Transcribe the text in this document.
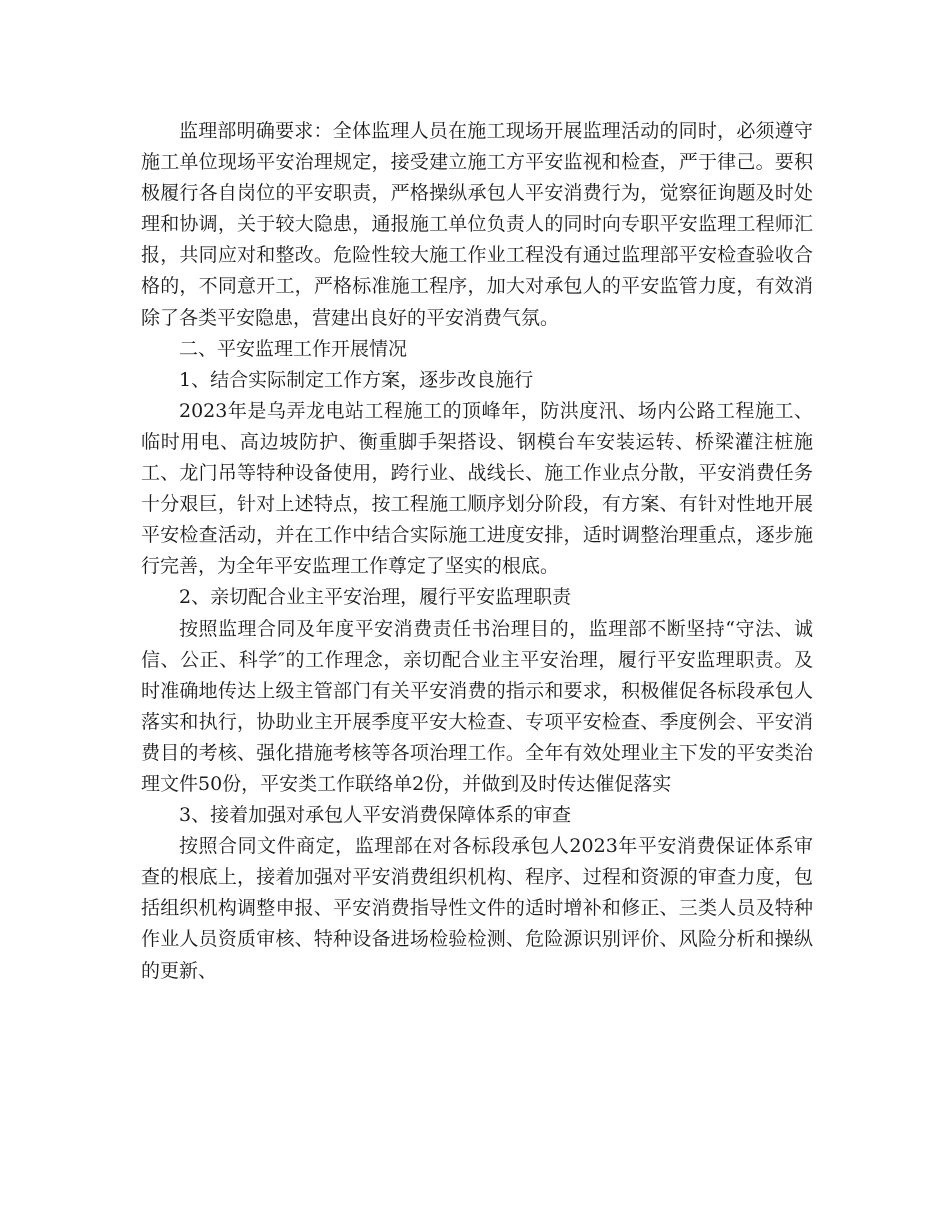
监理部明确要求：全体监理人员在施工现场开展监理活动的同时，必须遵守施工单位现场平安治理规定，接受建立施工方平安监视和检查，严于律己。要积极履行各自岗位的平安职责，严格操纵承包人平安消费行为，觉察征询题及时处理和协调，关于较大隐患，通报施工单位负责人的同时向专职平安监理工程师汇报，共同应对和整改。危险性较大施工作业工程没有通过监理部平安检查验收合格的，不同意开工，严格标准施工程序，加大对承包人的平安监管力度，有效消除了各类平安隐患，营建出良好的平安消费气氛。

二、平安监理工作开展情况

1、结合实际制定工作方案，逐步改良施行

2023年是乌弄龙电站工程施工的顶峰年，防洪度汛、场内公路工程施工、临时用电、高边坡防护、衡重脚手架搭设、钢模台车安装运转、桥梁灌注桩施工、龙门吊等特种设备使用，跨行业、战线长、施工作业点分散，平安消费任务十分艰巨，针对上述特点，按工程施工顺序划分阶段，有方案、有针对性地开展平安检查活动，并在工作中结合实际施工进度安排，适时调整治理重点，逐步施行完善，为全年平安监理工作尊定了坚实的根底。

2、亲切配合业主平安治理，履行平安监理职责

按照监理合同及年度平安消费责任书治理目的，监理部不断坚持“守法、诚信、公正、科学″的工作理念，亲切配合业主平安治理，履行平安监理职责。及时准确地传达上级主管部门有关平安消费的指示和要求，积极催促各标段承包人落实和执行，协助业主开展季度平安大检查、专项平安检查、季度例会、平安消费目的考核、强化措施考核等各项治理工作。全年有效处理业主下发的平安类治理文件50份，平安类工作联络单2份，并做到及时传达催促落实

3、接着加强对承包人平安消费保障体系的审查

按照合同文件商定，监理部在对各标段承包人2023年平安消费保证体系审查的根底上，接着加强对平安消费组织机构、程序、过程和资源的审查力度，包括组织机构调整申报、平安消费指导性文件的适时增补和修正、三类人员及特种作业人员资质审核、特种设备进场检验检测、危险源识别评价、风险分析和操纵的更新、
